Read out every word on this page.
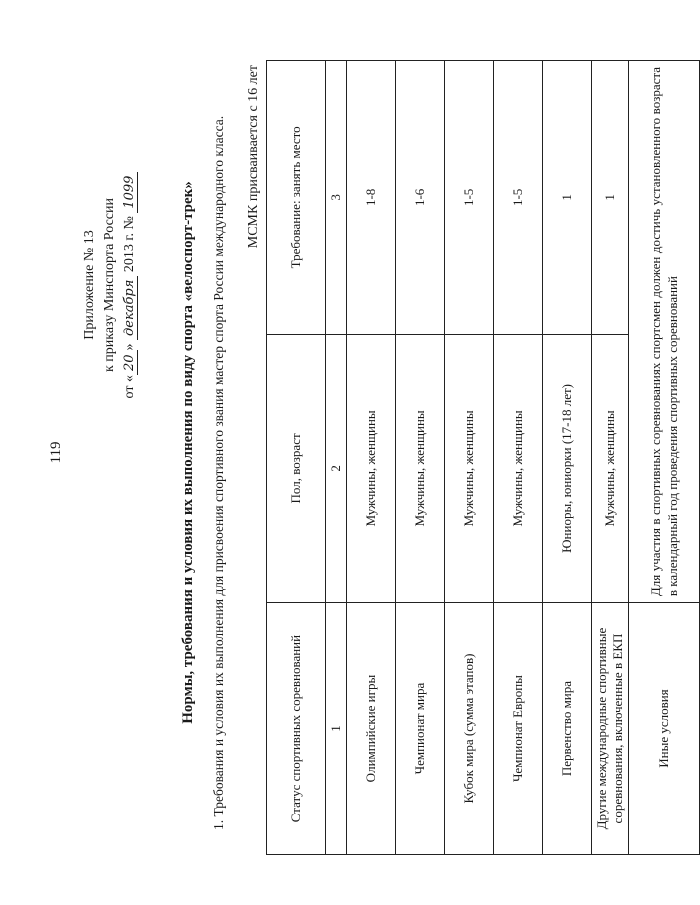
119
Приложение № 13 к приказу Минспорта России
от «20» декабря 2013 г. № 1099	Нормы, требования и условия их выполнения по виду спорта «велоспорт-трек» 1. Требования и условия их выполнения для присвоения спортивного звания мастер спорта России международного класса. МСМК присваивается с 16 лет
Статус спортивных соревнований	Пол, возраст	Требование: занять место
1	2	3
Олимпийские игры	Мужчины, женщины	1-8
Чемпионат мира	Мужчины, женщины	1-6
Кубок мира (сумма этапов)	Мужчины, женщины	1-5
Чемпионат Европы	Мужчины, женщины	1-5
Первенство мира	Юниоры, юниорки (17-18 лет)	1
Другие международные спортивные соревнования, включенные в ЕКП	Мужчины, женщины	1
Иные условия	Для участия в спортивных соревнованиях спортсмен должен достичь установленного возраста в календарный год проведения спортивных соревнований	
